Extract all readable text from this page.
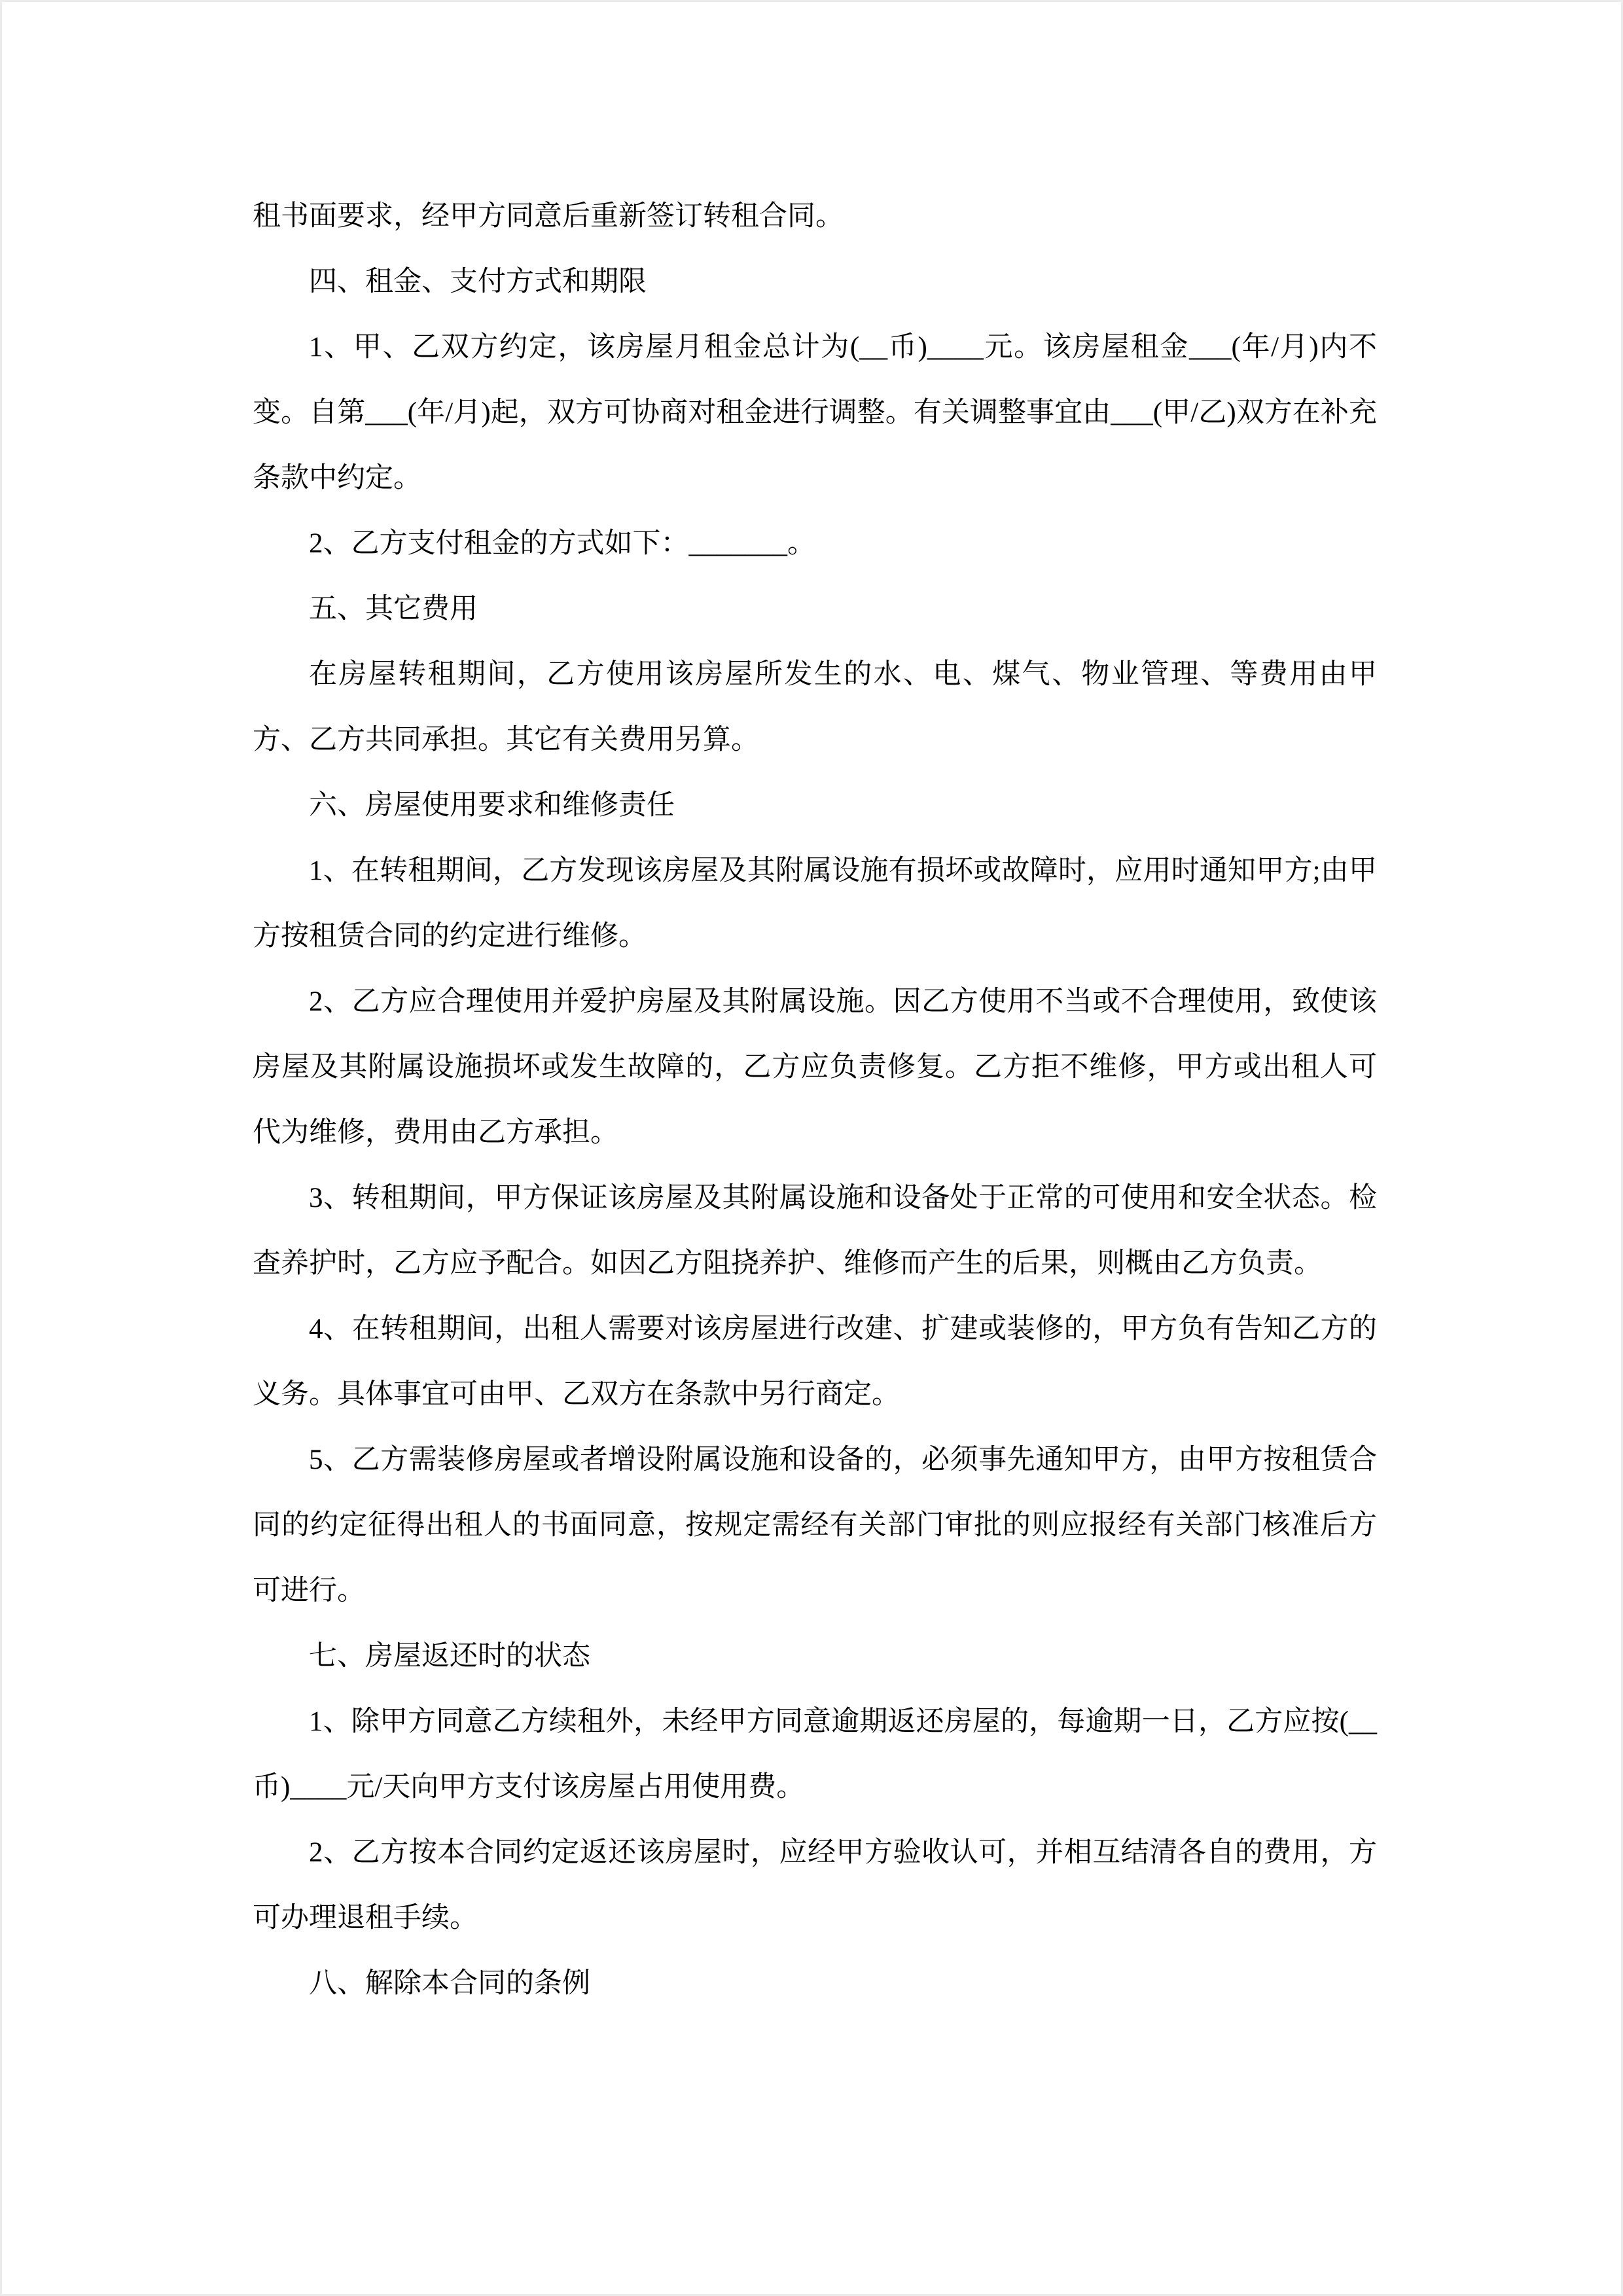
租书面要求，经甲方同意后重新签订转租合同。

四、租金、支付方式和期限

1、甲、乙双方约定，该房屋月租金总计为(__币)____元。该房屋租金___(年/月)内不变。自第___(年/月)起，双方可协商对租金进行调整。有关调整事宜由___(甲/乙)双方在补充条款中约定。

2、乙方支付租金的方式如下：_______。

五、其它费用

在房屋转租期间，乙方使用该房屋所发生的水、电、煤气、物业管理、等费用由甲方、乙方共同承担。其它有关费用另算。

六、房屋使用要求和维修责任

1、在转租期间，乙方发现该房屋及其附属设施有损坏或故障时，应用时通知甲方;由甲方按租赁合同的约定进行维修。

2、乙方应合理使用并爱护房屋及其附属设施。因乙方使用不当或不合理使用，致使该房屋及其附属设施损坏或发生故障的，乙方应负责修复。乙方拒不维修，甲方或出租人可代为维修，费用由乙方承担。

3、转租期间，甲方保证该房屋及其附属设施和设备处于正常的可使用和安全状态。检查养护时，乙方应予配合。如因乙方阻挠养护、维修而产生的后果，则概由乙方负责。

4、在转租期间，出租人需要对该房屋进行改建、扩建或装修的，甲方负有告知乙方的义务。具体事宜可由甲、乙双方在条款中另行商定。

5、乙方需装修房屋或者增设附属设施和设备的，必须事先通知甲方，由甲方按租赁合同的约定征得出租人的书面同意，按规定需经有关部门审批的则应报经有关部门核准后方可进行。

七、房屋返还时的状态

1、除甲方同意乙方续租外，未经甲方同意逾期返还房屋的，每逾期一日，乙方应按(__币)____元/天向甲方支付该房屋占用使用费。

2、乙方按本合同约定返还该房屋时，应经甲方验收认可，并相互结清各自的费用，方可办理退租手续。

八、解除本合同的条例
